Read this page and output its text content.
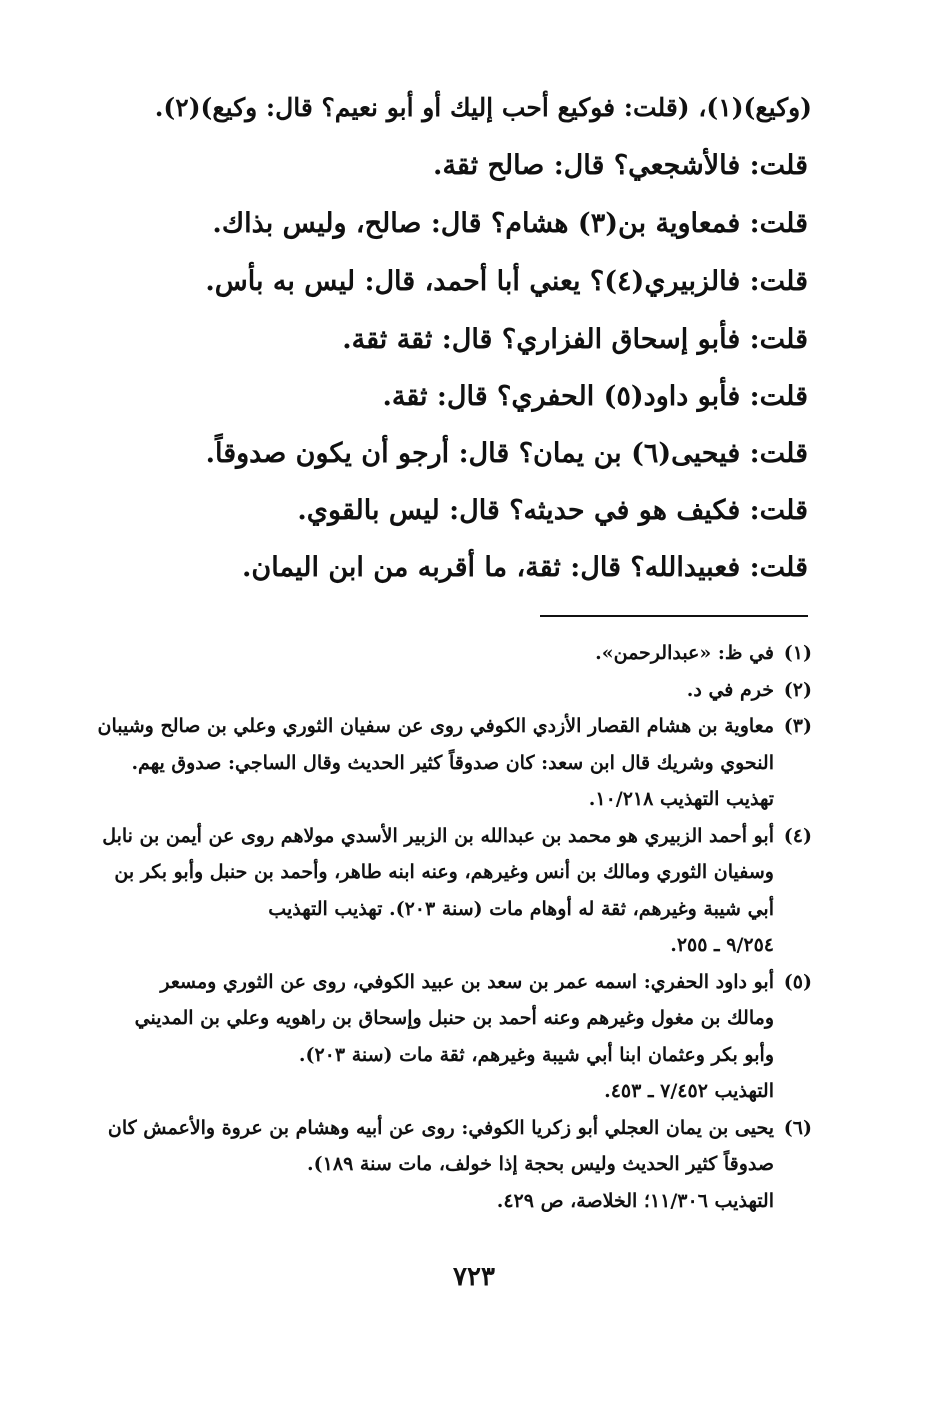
(وكيع)(١)، (قلت: فوكيع أحب إليك أو أبو نعيم؟ قال: وكيع)(٢).
قلت: فالأشجعي؟ قال: صالح ثقة.
قلت: فمعاوية بن(٣) هشام؟ قال: صالح، وليس بذاك.
قلت: فالزبيري(٤)؟ يعني أبا أحمد، قال: ليس به بأس.
قلت: فأبو إسحاق الفزاري؟ قال: ثقة ثقة.
قلت: فأبو داود(٥) الحفري؟ قال: ثقة.
قلت: فيحيى(٦) بن يمان؟ قال: أرجو أن يكون صدوقاً.
قلت: فكيف هو في حديثه؟ قال: ليس بالقوي.
قلت: فعبيدالله؟ قال: ثقة، ما أقربه من ابن اليمان.
(١)
في ظ: «عبدالرحمن».
(٢)
خرم في د.
(٣)
معاوية بن هشام القصار الأزدي الكوفي روى عن سفيان الثوري وعلي بن صالح وشيبان
النحوي وشريك قال ابن سعد: كان صدوقاً كثير الحديث وقال الساجي: صدوق يهم.
تهذيب التهذيب ١٠/٢١٨.
(٤)
أبو أحمد الزبيري هو محمد بن عبدالله بن الزبير الأسدي مولاهم روى عن أيمن بن نابل
وسفيان الثوري ومالك بن أنس وغيرهم، وعنه ابنه طاهر، وأحمد بن حنبل وأبو بكر بن
أبي شيبة وغيرهم، ثقة له أوهام مات (سنة ٢٠٣). تهذيب التهذيب
٩/٢٥٤ ـ ٢٥٥.
(٥)
أبو داود الحفري: اسمه عمر بن سعد بن عبيد الكوفي، روى عن الثوري ومسعر
ومالك بن مغول وغيرهم وعنه أحمد بن حنبل وإسحاق بن راهويه وعلي بن المديني
وأبو بكر وعثمان ابنا أبي شيبة وغيرهم، ثقة مات (سنة ٢٠٣).
التهذيب ٧/٤٥٢ ـ ٤٥٣.
(٦)
يحيى بن يمان العجلي أبو زكريا الكوفي: روى عن أبيه وهشام بن عروة والأعمش كان
صدوقاً كثير الحديث وليس بحجة إذا خولف، مات سنة ١٨٩).
التهذيب ١١/٣٠٦؛ الخلاصة، ص ٤٢٩.
٧٢٣
